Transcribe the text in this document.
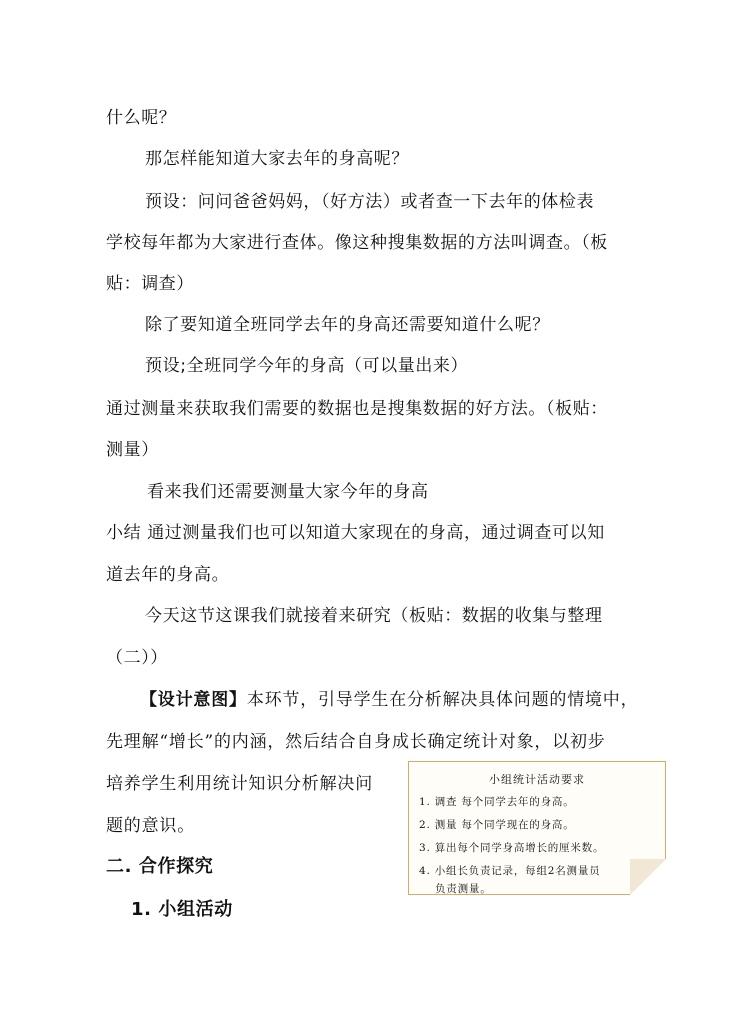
什么呢？
那怎样能知道大家去年的身高呢？
预设：问问爸爸妈妈，（好方法）或者查一下去年的体检表
学校每年都为大家进行查体。像这种搜集数据的方法叫调查。（板
贴：调查）
除了要知道全班同学去年的身高还需要知道什么呢？
预设;全班同学今年的身高（可以量出来）
通过测量来获取我们需要的数据也是搜集数据的好方法。（板贴：
测量）
看来我们还需要测量大家今年的身高
小结 通过测量我们也可以知道大家现在的身高，通过调查可以知
道去年的身高。
今天这节这课我们就接着来研究（板贴：数据的收集与整理
（二））
【设计意图】本环节，引导学生在分析解决具体问题的情境中，
先理解“增长”的内涵，然后结合自身成长确定统计对象，以初步
培养学生利用统计知识分析解决问
题的意识。
二. 合作探究
1. 小组活动
小组统计活动要求
1. 调查 每个同学去年的身高。
2. 测量 每个同学现在的身高。
3. 算出每个同学身高增长的厘米数。
4. 小组长负责记录，每组2名测量员
负责测量。
